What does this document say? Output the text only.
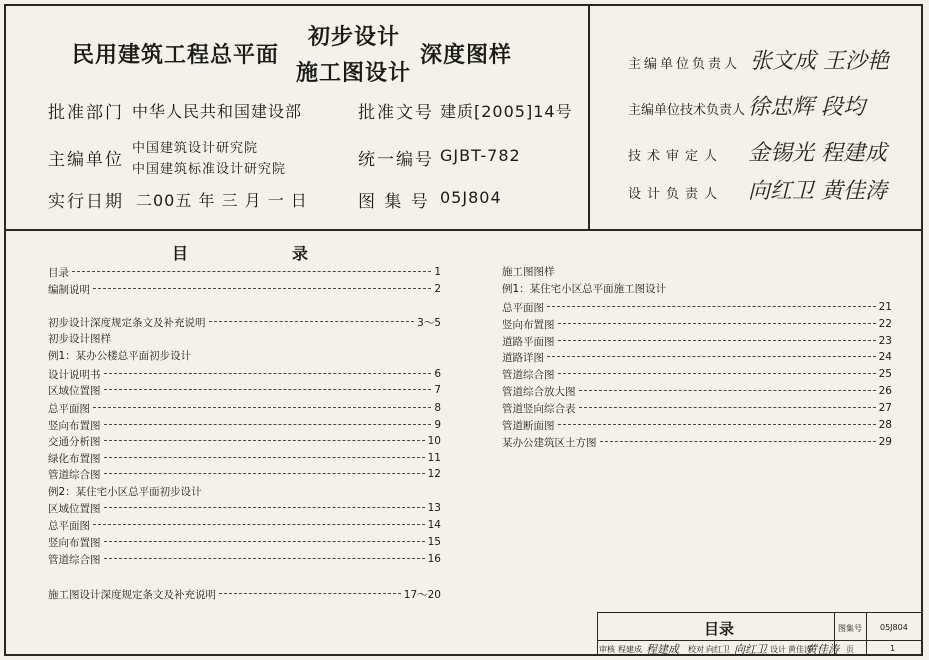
民用建筑工程总平面
初步设计
施工图设计
深度图样
批准部门 中华人民共和国建设部	批准文号 建质[2005]14号
主编单位
中国建筑设计研究院
中国建筑标准设计研究院	统一编号 GJBT-782
实行日期 二00五 年 三 月 一 日	图 集 号 05J804
主编单位负责人 张文成 王沙艳
主编单位技术负责人 徐忠辉 段均
技术审定人 金锡光 程建成
设计负责人 向红卫 黄佳涛
目	录
目录	1
编制说明	2
初步设计深度规定条文及补充说明	3～5
初步设计图样
例1：某办公楼总平面初步设计
设计说明书	6
区域位置图	7
总平面图	8
竖向布置图	9
交通分析图	10
绿化布置图	11
管道综合图	12
例2：某住宅小区总平面初步设计
区域位置图	13
总平面图	14
竖向布置图	15
管道综合图	16
施工图设计深度规定条文及补充说明	17～20
施工图图样
例1：某住宅小区总平面施工图设计
总平面图	21
竖向布置图	22
道路平面图	23
道路详图	24
管道综合图	25
管道综合放大图	26
管道竖向综合表	27
管道断面图	28
某办公建筑区土方图	29
目录	图集号 05J804
页	1
审核 程建成 程建成 校对 向红卫 向红卫 设计 黄佳涛
黄佳涛
